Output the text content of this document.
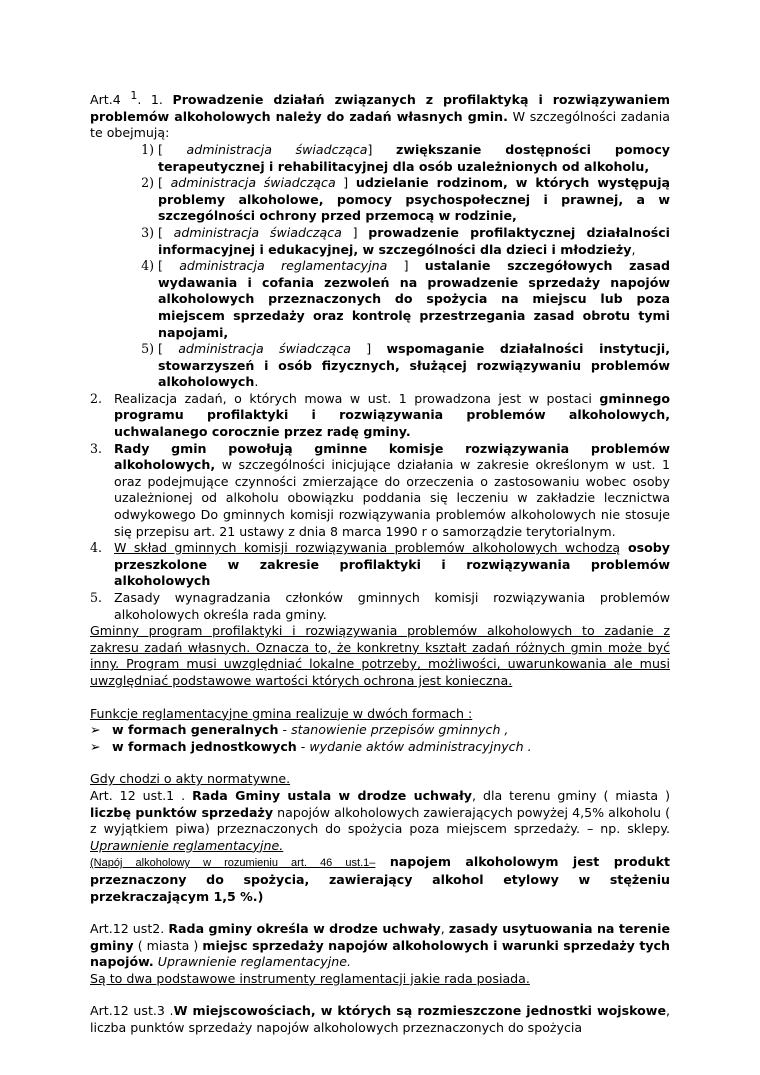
Art.4 $^1$. 1. Prowadzenie działań związanych z profilaktyką i rozwiązywaniem problemów alkoholowych należy do zadań własnych gmin. W szczególności zadania te obejmują:

1) [ administracja świadcząca] zwiększanie dostępności pomocy terapeutycznej i rehabilitacyjnej dla osób uzależnionych od alkoholu,
2) [ administracja świadcząca ] udzielanie rodzinom, w których występują problemy alkoholowe, pomocy psychospołecznej i prawnej, a w szczególności ochrony przed przemocą w rodzinie,
3) [ administracja świadcząca ] prowadzenie profilaktycznej działalności informacyjnej i edukacyjnej, w szczególności dla dzieci i młodzieży,
4) [ administracja reglamentacyjna ] ustalanie szczegółowych zasad wydawania i cofania zezwoleń na prowadzenie sprzedaży napojów alkoholowych przeznaczonych do spożycia na miejscu lub poza miejscem sprzedaży oraz kontrolę przestrzegania zasad obrotu tymi napojami,
5) [ administracja świadcząca ] wspomaganie działalności instytucji, stowarzyszeń i osób fizycznych, służącej rozwiązywaniu problemów alkoholowych.
2. Realizacja zadań, o których mowa w ust. 1 prowadzona jest w postaci gminnego programu profilaktyki i rozwiązywania problemów alkoholowych, uchwalanego corocznie przez radę gminy.
3. Rady gmin powołują gminne komisje rozwiązywania problemów alkoholowych, w szczególności inicjujące działania w zakresie określonym w ust. 1 oraz podejmujące czynności zmierzające do orzeczenia o zastosowaniu wobec osoby uzależnionej od alkoholu obowiązku poddania się leczeniu w zakładzie lecznictwa odwykowego Do gminnych komisji rozwiązywania problemów alkoholowych nie stosuje się przepisu art. 21 ustawy z dnia 8 marca 1990 r o samorządzie terytorialnym.
4. W skład gminnych komisji rozwiązywania problemów alkoholowych wchodzą osoby przeszkolone w zakresie profilaktyki i rozwiązywania problemów alkoholowych
5. Zasady wynagradzania członków gminnych komisji rozwiązywania problemów alkoholowych określa rada gminy.

Gminny program profilaktyki i rozwiązywania problemów alkoholowych to zadanie z zakresu zadań własnych. Oznacza to, że konkretny kształt zadań różnych gmin może być inny. Program musi uwzględniać lokalne potrzeby, możliwości, uwarunkowania ale musi uwzględniać podstawowe wartości których ochrona jest konieczna.

Funkcje reglamentacyjne gmina realizuje w dwóch formach :

➢ w formach generalnych - stanowienie przepisów gminnych ,
➢ w formach jednostkowych - wydanie aktów administracyjnych .

Gdy chodzi o akty normatywne.

Art. 12 ust.1 . Rada Gminy ustala w drodze uchwały, dla terenu gminy ( miasta ) liczbę punktów sprzedaży napojów alkoholowych zawierających powyżej 4,5% alkoholu ( z wyjątkiem piwa) przeznaczonych do spożycia poza miejscem sprzedaży. – np. sklepy. Uprawnienie reglamentacyjne.

(Napój alkoholowy w rozumieniu art. 46 ust.1– napojem alkoholowym jest produkt przeznaczony do spożycia, zawierający alkohol etylowy w stężeniu przekraczającym 1,5 %.)

Art.12 ust2. Rada gminy określa w drodze uchwały, zasady usytuowania na terenie gminy ( miasta ) miejsc sprzedaży napojów alkoholowych i warunki sprzedaży tych napojów. Uprawnienie reglamentacyjne.

Są to dwa podstawowe instrumenty reglamentacji jakie rada posiada.

Art.12 ust.3 .W miejscowościach, w których są rozmieszczone jednostki wojskowe, liczba punktów sprzedaży napojów alkoholowych przeznaczonych do spożycia
